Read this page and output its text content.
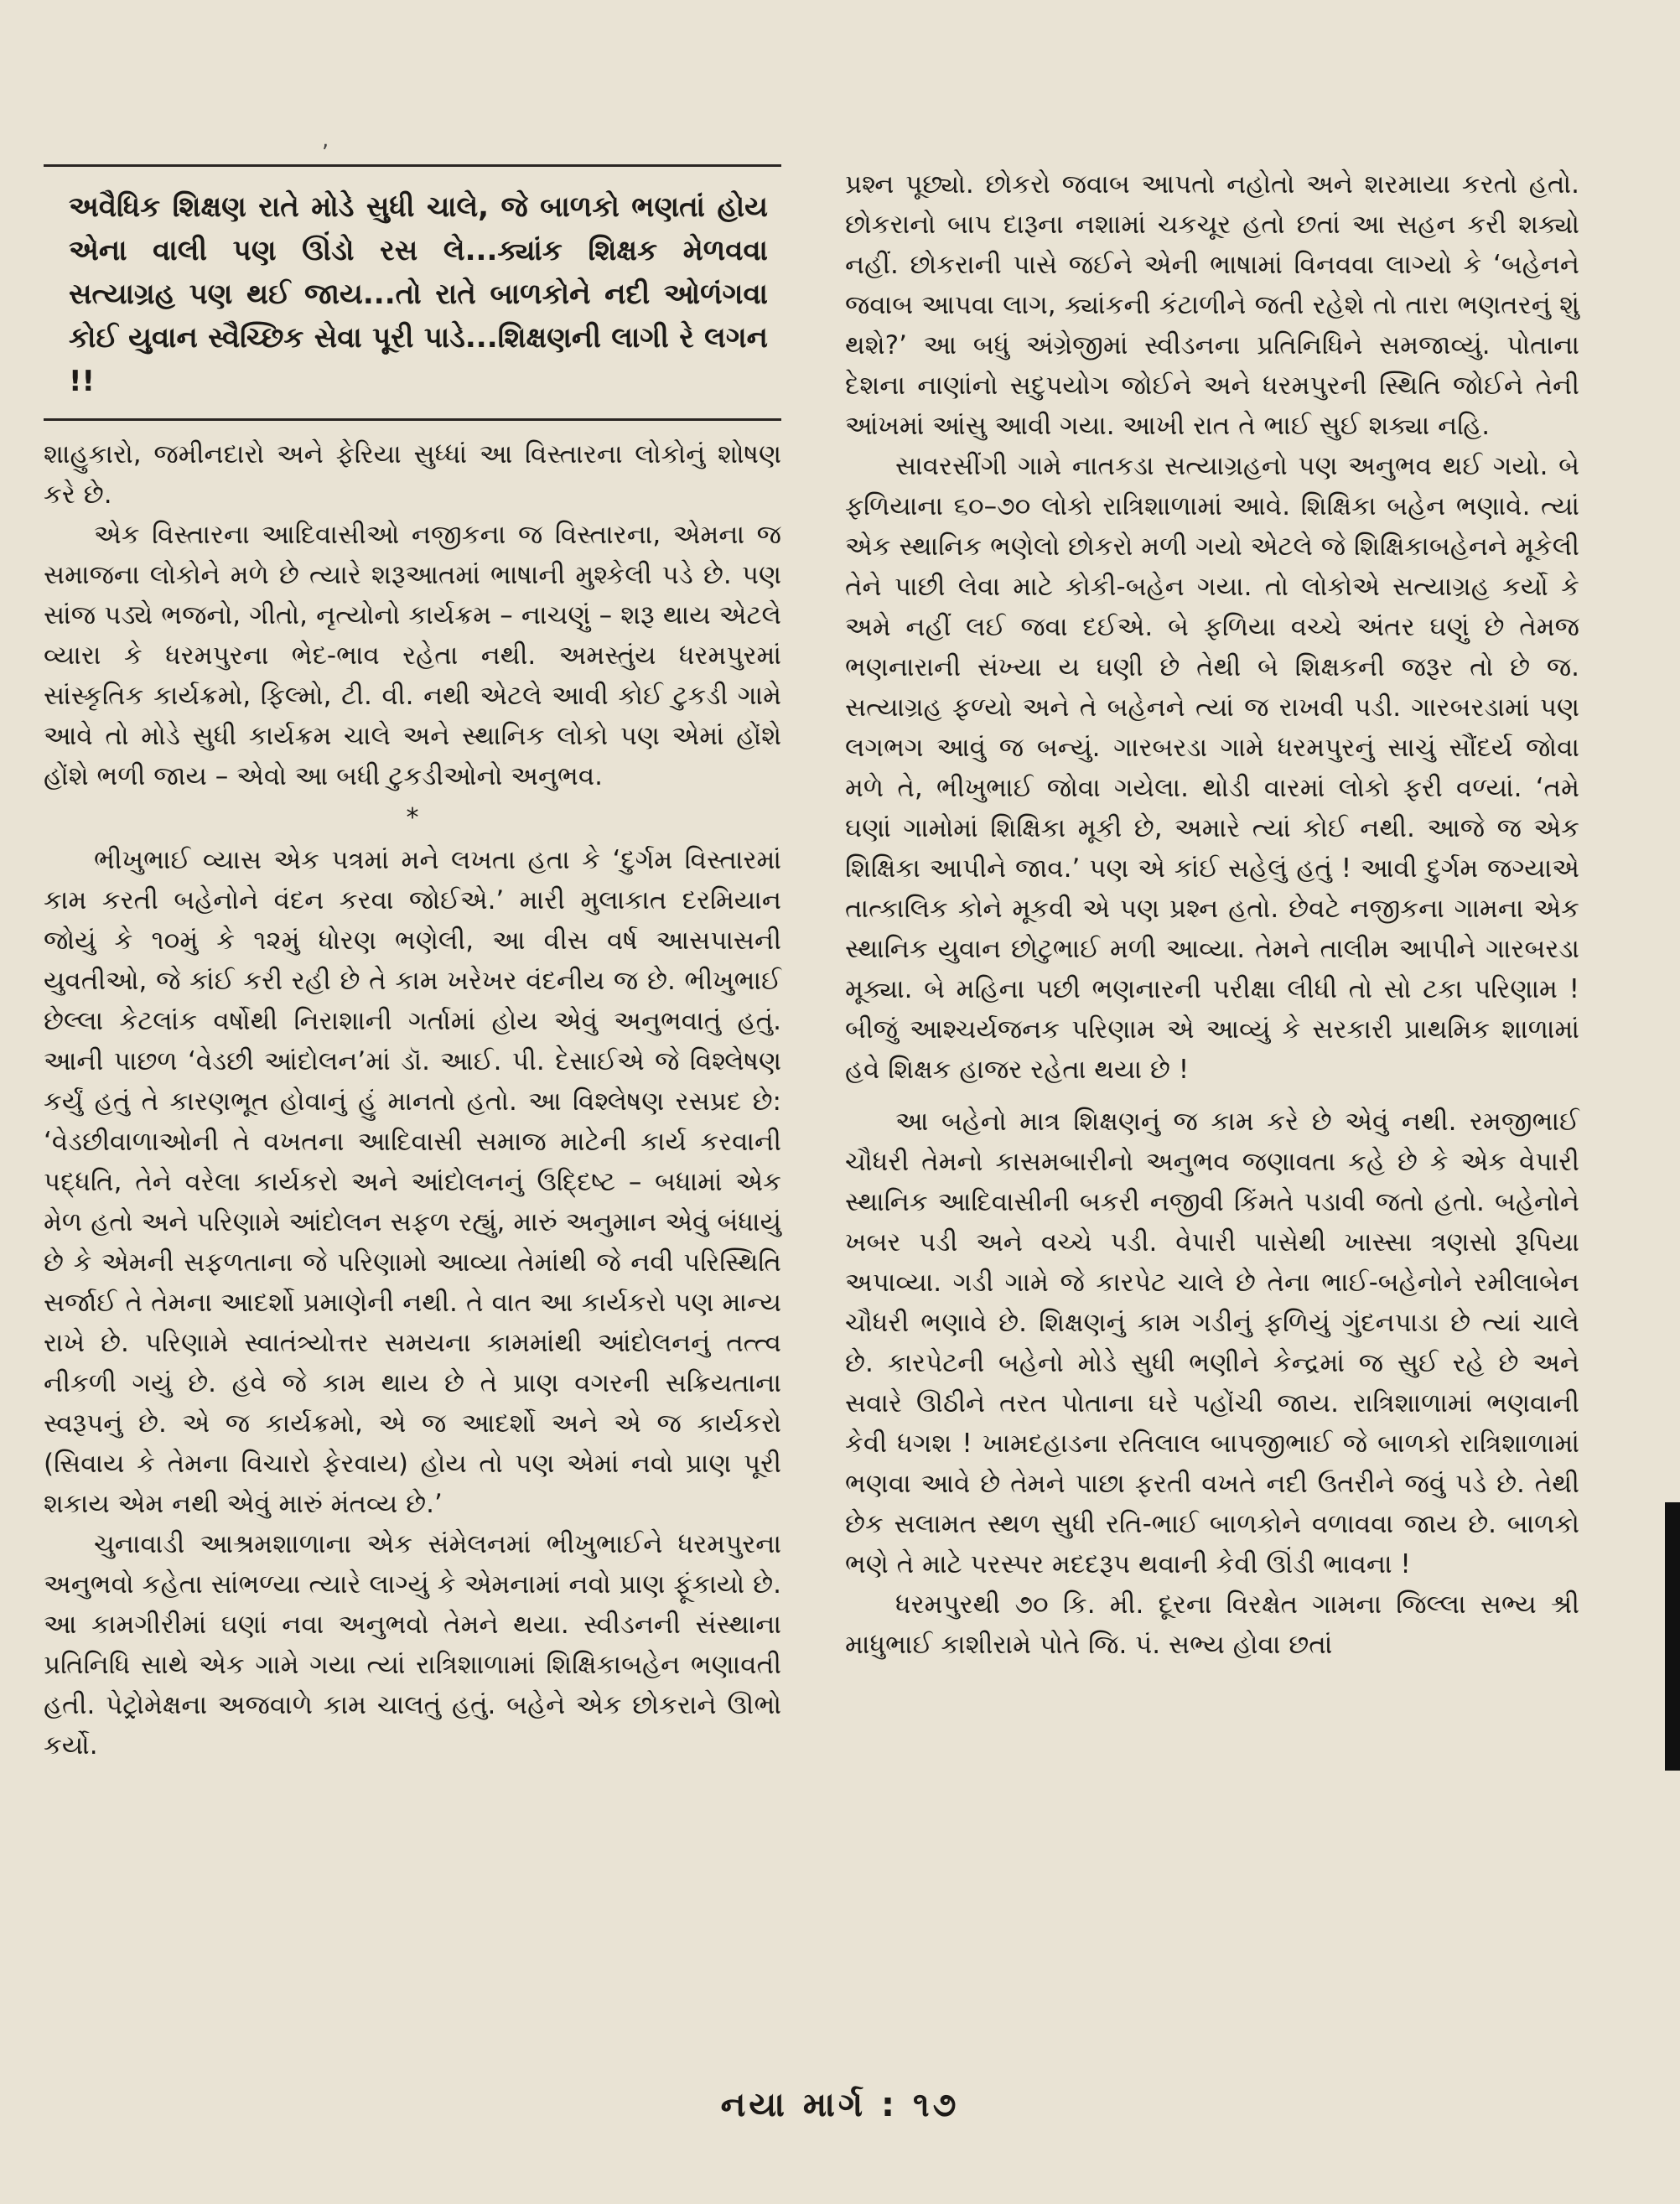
,
અવૈધિક શિક્ષણ રાતે મોડે સુધી ચાલે, જે બાળકો ભણતાં હોય એના વાલી પણ ઊંડો રસ લે...ક્યાંક શિક્ષક મેળવવા સત્યાગ્રહ પણ થઈ જાય...તો રાતે બાળકોને નદી ઓળંગવા કોઈ યુવાન સ્વૈચ્છિક સેવા પૂરી પાડે...શિક્ષણની લાગી રે લગન !!

શાહુકારો, જમીનદારો અને ફેરિયા સુધ્ધાં આ વિસ્તારના લોકોનું શોષણ કરે છે.

એક વિસ્તારના આદિવાસીઓ નજીકના જ વિસ્તારના, એમના જ સમાજના લોકોને મળે છે ત્યારે શરૂઆતમાં ભાષાની મુશ્કેલી પડે છે. પણ સાંજ પડ્યે ભજનો, ગીતો, નૃત્યોનો કાર્યક્રમ – નાચણું – શરૂ થાય એટલે વ્યારા કે ધરમપુરના ભેદ-ભાવ રહેતા નથી. અમસ્તુંય ધરમપુરમાં સાંસ્કૃતિક કાર્યક્રમો, ફિલ્મો, ટી. વી. નથી એટલે આવી કોઈ ટુકડી ગામે આવે તો મોડે સુધી કાર્યક્રમ ચાલે અને સ્થાનિક લોકો પણ એમાં હોંશે હોંશે ભળી જાય – એવો આ બધી ટુકડીઓનો અનુભવ.

*

ભીખુભાઈ વ્યાસ એક પત્રમાં મને લખતા હતા કે ‘દુર્ગમ વિસ્તારમાં કામ કરતી બહેનોને વંદન કરવા જોઈએ.’ મારી મુલાકાત દરમિયાન જોયું કે ૧૦મું કે ૧૨મું ધોરણ ભણેલી, આ વીસ વર્ષ આસપાસની યુવતીઓ, જે કાંઈ કરી રહી છે તે કામ ખરેખર વંદનીય જ છે. ભીખુભાઈ છેલ્લા કેટલાંક વર્ષોથી નિરાશાની ગર્તામાં હોય એવું અનુભવાતું હતું. આની પાછળ ‘વેડછી આંદોલન’માં ડૉ. આઈ. પી. દેસાઈએ જે વિશ્લેષણ કર્યું હતું તે કારણભૂત હોવાનું હું માનતો હતો. આ વિશ્લેષણ રસપ્રદ છે: ‘વેડછીવાળાઓની તે વખતના આદિવાસી સમાજ માટેની કાર્ય કરવાની પદ્ધતિ, તેને વરેલા કાર્યકરો અને આંદોલનનું ઉદ્દિષ્ટ – બધામાં એક મેળ હતો અને પરિણામે આંદોલન સફળ રહ્યું, મારું અનુમાન એવું બંધાયું છે કે એમની સફળતાના જે પરિણામો આવ્યા તેમાંથી જે નવી પરિસ્થિતિ સર્જાઈ તે તેમના આદર્શો પ્રમાણેની નથી. તે વાત આ કાર્યકરો પણ માન્ય રાખે છે. પરિણામે સ્વાતંત્ર્યોત્તર સમયના કામમાંથી આંદોલનનું તત્ત્વ નીકળી ગયું છે. હવે જે કામ થાય છે તે પ્રાણ વગરની સક્રિયતાના સ્વરૂપનું છે. એ જ કાર્યક્રમો, એ જ આદર્શો અને એ જ કાર્યકરો (સિવાય કે તેમના વિચારો ફેરવાય) હોય તો પણ એમાં નવો પ્રાણ પૂરી શકાય એમ નથી એવું મારું મંતવ્ય છે.’

ચુનાવાડી આશ્રમશાળાના એક સંમેલનમાં ભીખુભાઈને ધરમપુરના અનુભવો કહેતા સાંભળ્યા ત્યારે લાગ્યું કે એમનામાં નવો પ્રાણ ફૂંકાયો છે. આ કામગીરીમાં ઘણાં નવા અનુભવો તેમને થયા. સ્વીડનની સંસ્થાના પ્રતિનિધિ સાથે એક ગામે ગયા ત્યાં રાત્રિશાળામાં શિક્ષિકાબહેન ભણાવતી હતી. પેટ્રોમેક્ષના અજવાળે કામ ચાલતું હતું. બહેને એક છોકરાને ઊભો કર્યો.

પ્રશ્ન પૂછ્યો. છોકરો જવાબ આપતો નહોતો અને શરમાયા કરતો હતો. છોકરાનો બાપ દારૂના નશામાં ચકચૂર હતો છતાં આ સહન કરી શક્યો નહીં. છોકરાની પાસે જઈને એની ભાષામાં વિનવવા લાગ્યો કે ‘બહેનને જવાબ આપવા લાગ, ક્યાંકની કંટાળીને જતી રહેશે તો તારા ભણતરનું શું થશે?’ આ બધું અંગ્રેજીમાં સ્વીડનના પ્રતિનિધિને સમજાવ્યું. પોતાના દેશના નાણાંનો સદુપયોગ જોઈને અને ધરમપુરની સ્થિતિ જોઈને તેની આંખમાં આંસુ આવી ગયા. આખી રાત તે ભાઈ સુઈ શક્યા નહિ.

સાવરસીંગી ગામે નાતકડા સત્યાગ્રહનો પણ અનુભવ થઈ ગયો. બે ફળિયાના ૬૦–૭૦ લોકો રાત્રિશાળામાં આવે. શિક્ષિકા બહેન ભણાવે. ત્યાં એક સ્થાનિક ભણેલો છોકરો મળી ગયો એટલે જે શિક્ષિકાબહેનને મૂકેલી તેને પાછી લેવા માટે કોકી-બહેન ગયા. તો લોકોએ સત્યાગ્રહ કર્યો કે અમે નહીં લઈ જવા દઈએ. બે ફળિયા વચ્ચે અંતર ઘણું છે તેમજ ભણનારાની સંખ્યા ય ઘણી છે તેથી બે શિક્ષકની જરૂર તો છે જ. સત્યાગ્રહ ફળ્યો અને તે બહેનને ત્યાં જ રાખવી પડી. ગારબરડામાં પણ લગભગ આવું જ બન્યું. ગારબરડા ગામે ધરમપુરનું સાચું સૌંદર્ય જોવા મળે તે, ભીખુભાઈ જોવા ગયેલા. થોડી વારમાં લોકો ફરી વળ્યાં. ‘તમે ઘણાં ગામોમાં શિક્ષિકા મૂકી છે, અમારે ત્યાં કોઈ નથી. આજે જ એક શિક્ષિકા આપીને જાવ.’ પણ એ કાંઈ સહેલું હતું ! આવી દુર્ગમ જગ્યાએ તાત્કાલિક કોને મૂકવી એ પણ પ્રશ્ન હતો. છેવટે નજીકના ગામના એક સ્થાનિક યુવાન છોટુભાઈ મળી આવ્યા. તેમને તાલીમ આપીને ગારબરડા મૂક્યા. બે મહિના પછી ભણનારની પરીક્ષા લીધી તો સો ટકા પરિણામ ! બીજું આશ્ચર્યજનક પરિણામ એ આવ્યું કે સરકારી પ્રાથમિક શાળામાં હવે શિક્ષક હાજર રહેતા થયા છે !

આ બહેનો માત્ર શિક્ષણનું જ કામ કરે છે એવું નથી. રમજીભાઈ ચૌધરી તેમનો કાસમબારીનો અનુભવ જણાવતા કહે છે કે એક વેપારી સ્થાનિક આદિવાસીની બકરી નજીવી કિંમતે પડાવી જતો હતો. બહેનોને ખબર પડી અને વચ્ચે પડી. વેપારી પાસેથી ખાસ્સા ત્રણસો રૂપિયા અપાવ્યા. ગડી ગામે જે કારપેટ ચાલે છે તેના ભાઈ-બહેનોને રમીલાબેન ચૌધરી ભણાવે છે. શિક્ષણનું કામ ગડીનું ફળિયું ગુંદનપાડા છે ત્યાં ચાલે છે. કારપેટની બહેનો મોડે સુધી ભણીને કેન્દ્રમાં જ સુઈ રહે છે અને સવારે ઊઠીને તરત પોતાના ઘરે પહોંચી જાય. રાત્રિશાળામાં ભણવાની કેવી ધગશ ! ખામદહાડના રતિલાલ બાપજીભાઈ જે બાળકો રાત્રિશાળામાં ભણવા આવે છે તેમને પાછા ફરતી વખતે નદી ઉતરીને જવું પડે છે. તેથી છેક સલામત સ્થળ સુધી રતિ-ભાઈ બાળકોને વળાવવા જાય છે. બાળકો ભણે તે માટે પરસ્પર મદદરૂપ થવાની કેવી ઊંડી ભાવના !

ધરમપુરથી ૭૦ કિ. મી. દૂરના વિરક્ષેત ગામના જિલ્લા સભ્ય શ્રી માધુભાઈ કાશીરામે પોતે જિ. પં. સભ્ય હોવા છતાં

નયા માર્ગ : ૧૭
